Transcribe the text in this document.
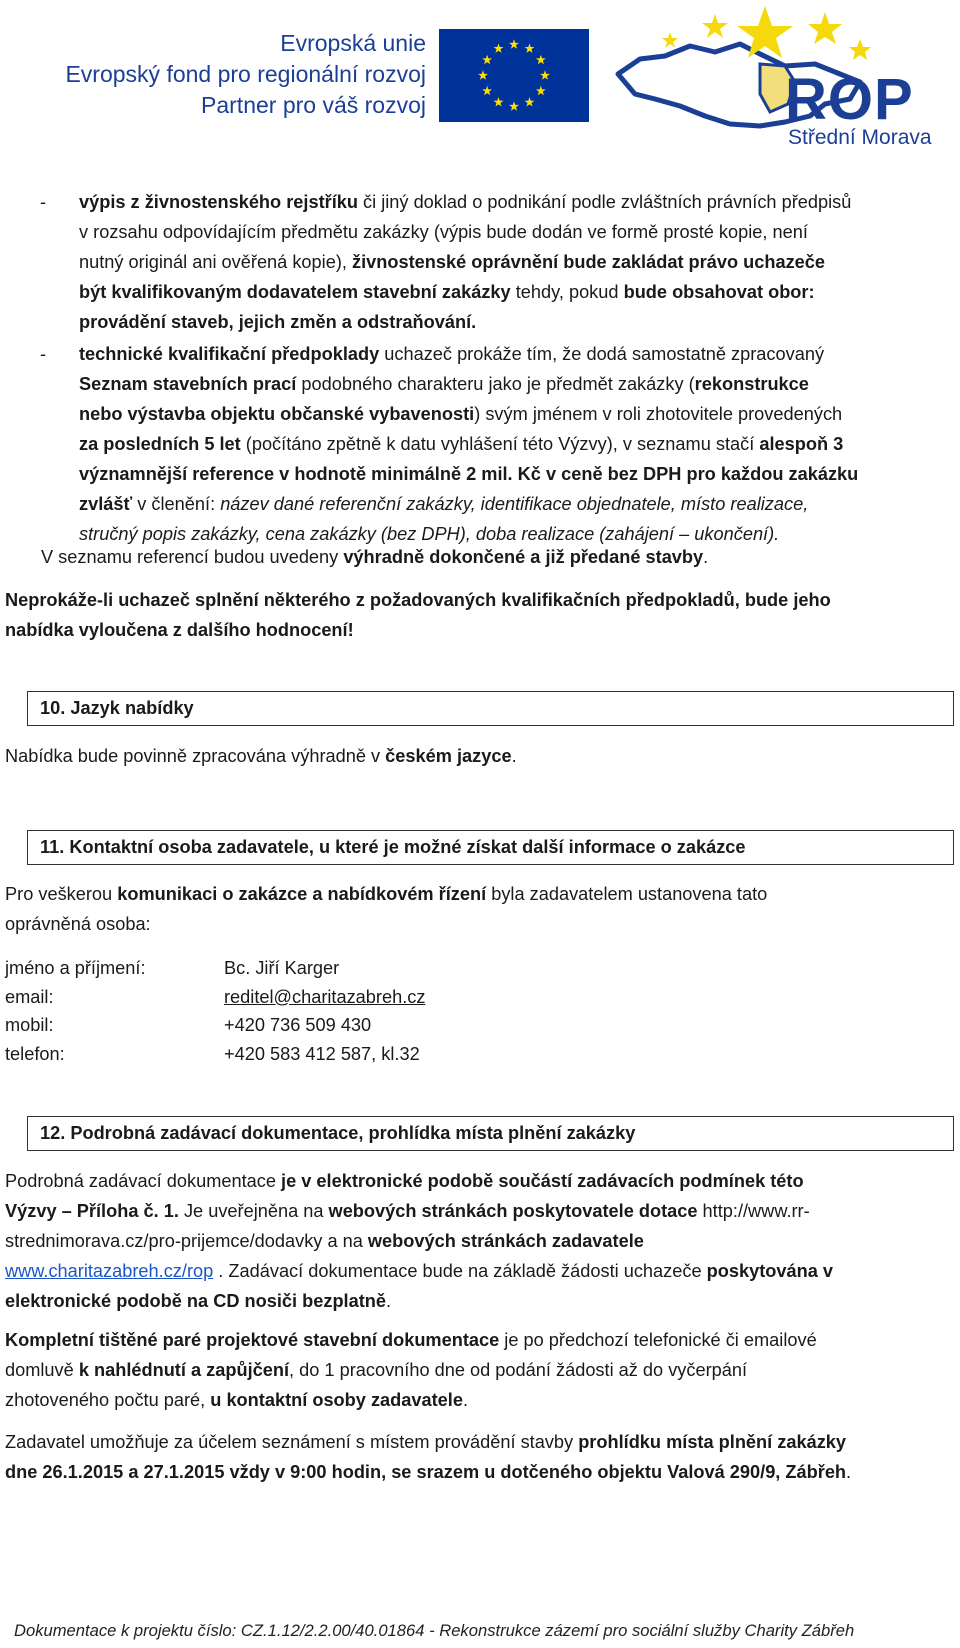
Evropská unie
Evropský fond pro regionální rozvoj
Partner pro váš rozvoj	ROP
Střední Morava
- výpis z živnostenského rejstříku či jiný doklad o podnikání podle zvláštních právních předpisů
v rozsahu odpovídajícím předmětu zakázky (výpis bude dodán ve formě prosté kopie, není
nutný originál ani ověřená kopie), živnostenské oprávnění bude zakládat právo uchazeče
být kvalifikovaným dodavatelem stavební zakázky tehdy, pokud bude obsahovat obor:
provádění staveb, jejich změn a odstraňování.
- technické kvalifikační předpoklady uchazeč prokáže tím, že dodá samostatně zpracovaný
Seznam stavebních prací podobného charakteru jako je předmět zakázky (rekonstrukce
nebo výstavba objektu občanské vybavenosti) svým jménem v roli zhotovitele provedených
za posledních 5 let (počítáno zpětně k datu vyhlášení této Výzvy), v seznamu stačí alespoň 3
významnější reference v hodnotě minimálně 2 mil. Kč v ceně bez DPH pro každou zakázku
zvlášť v členění: název dané referenční zakázky, identifikace objednatele, místo realizace,
stručný popis zakázky, cena zakázky (bez DPH), doba realizace (zahájení – ukončení).
V seznamu referencí budou uvedeny výhradně dokončené a již předané stavby.
Neprokáže-li uchazeč splnění některého z požadovaných kvalifikačních předpokladů, bude jeho
nabídka vyloučena z dalšího hodnocení!
10. Jazyk nabídky
Nabídka bude povinně zpracována výhradně v českém jazyce.
11. Kontaktní osoba zadavatele, u které je možné získat další informace o zakázce
Pro veškerou komunikaci o zakázce a nabídkovém řízení byla zadavatelem ustanovena tato
oprávněná osoba:
jméno a příjmení:	Bc. Jiří Karger
email:	reditel@charitazabreh.cz
mobil:	+420 736 509 430
telefon:	+420 583 412 587, kl.32
12. Podrobná zadávací dokumentace, prohlídka místa plnění zakázky
Podrobná zadávací dokumentace je v elektronické podobě součástí zadávacích podmínek této
Výzvy – Příloha č. 1. Je uveřejněna na webových stránkách poskytovatele dotace http://www.rr-
strednimorava.cz/pro-prijemce/dodavky a na webových stránkách zadavatele
www.charitazabreh.cz/rop . Zadávací dokumentace bude na základě žádosti uchazeče poskytována v
elektronické podobě na CD nosiči bezplatně.
Kompletní tištěné paré projektové stavební dokumentace je po předchozí telefonické či emailové
domluvě k nahlédnutí a zapůjčení, do 1 pracovního dne od podání žádosti až do vyčerpání
zhotoveného počtu paré, u kontaktní osoby zadavatele.
Zadavatel umožňuje za účelem seznámení s místem provádění stavby prohlídku místa plnění zakázky
dne 26.1.2015 a 27.1.2015 vždy v 9:00 hodin, se srazem u dotčeného objektu Valová 290/9, Zábřeh.
Dokumentace k projektu číslo: CZ.1.12/2.2.00/40.01864 - Rekonstrukce zázemí pro sociální služby Charity Zábřeh
